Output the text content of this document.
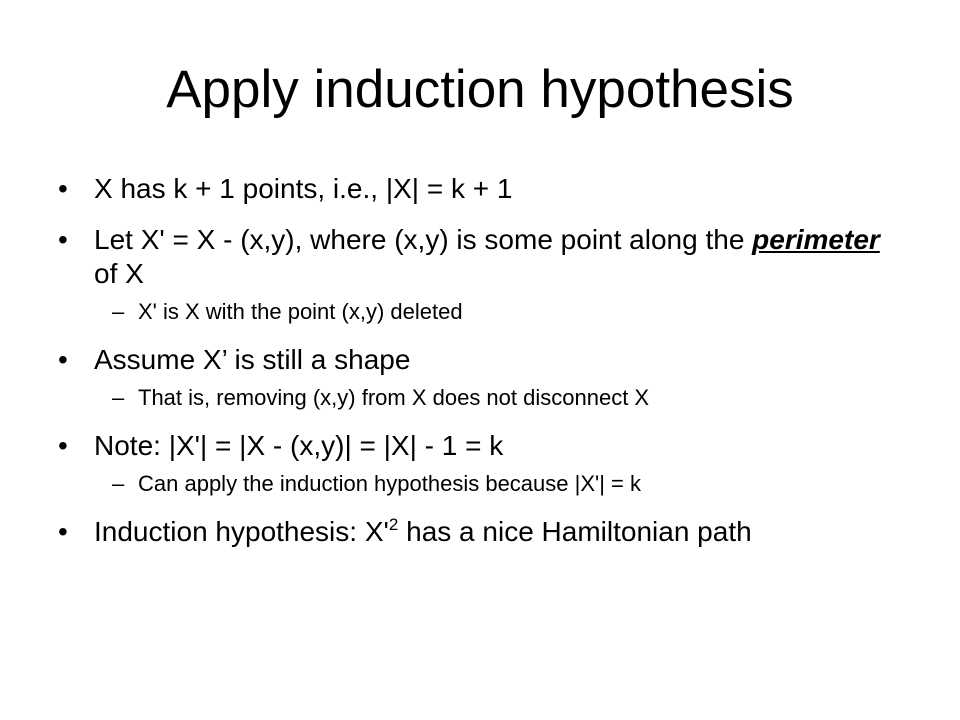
Apply induction hypothesis
• X has k + 1 points, i.e., |X| = k + 1
• Let X' = X - (x,y), where (x,y) is some point along the perimeter of X
– X' is X with the point (x,y) deleted
• Assume X’ is still a shape
– That is, removing (x,y) from X does not disconnect X
• Note: |X'| = |X - (x,y)| = |X| - 1 = k
– Can apply the induction hypothesis because |X'| = k
• Induction hypothesis: $X'^2$ has a nice Hamiltonian path
